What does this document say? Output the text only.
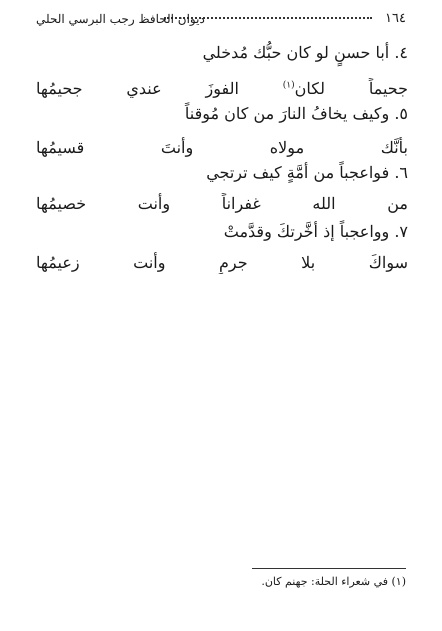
١٦٤
ديوان الحافظ رجب البرسي الحلي
٤. أبا حسنٍ لو كان حبُّك مُدخلي
جحيماً لكان$^{(١)}$ الفوزَ عندي جحيمُها
٥. وكيف يخافُ النارَ من كان مُوقناً
بأنَّك مولاه وأنتَ قسيمُها
٦. فواعجباً من أمَّةٍ كيف ترتجي
من الله غفراناً وأنت خصيمُها
٧. وواعجباً إذ أخَّرتكَ وقدَّمتْ
سواكَ بلا جرمٍ وأنت زعيمُها
(١) في شعراء الحلة: جهنم كان.
